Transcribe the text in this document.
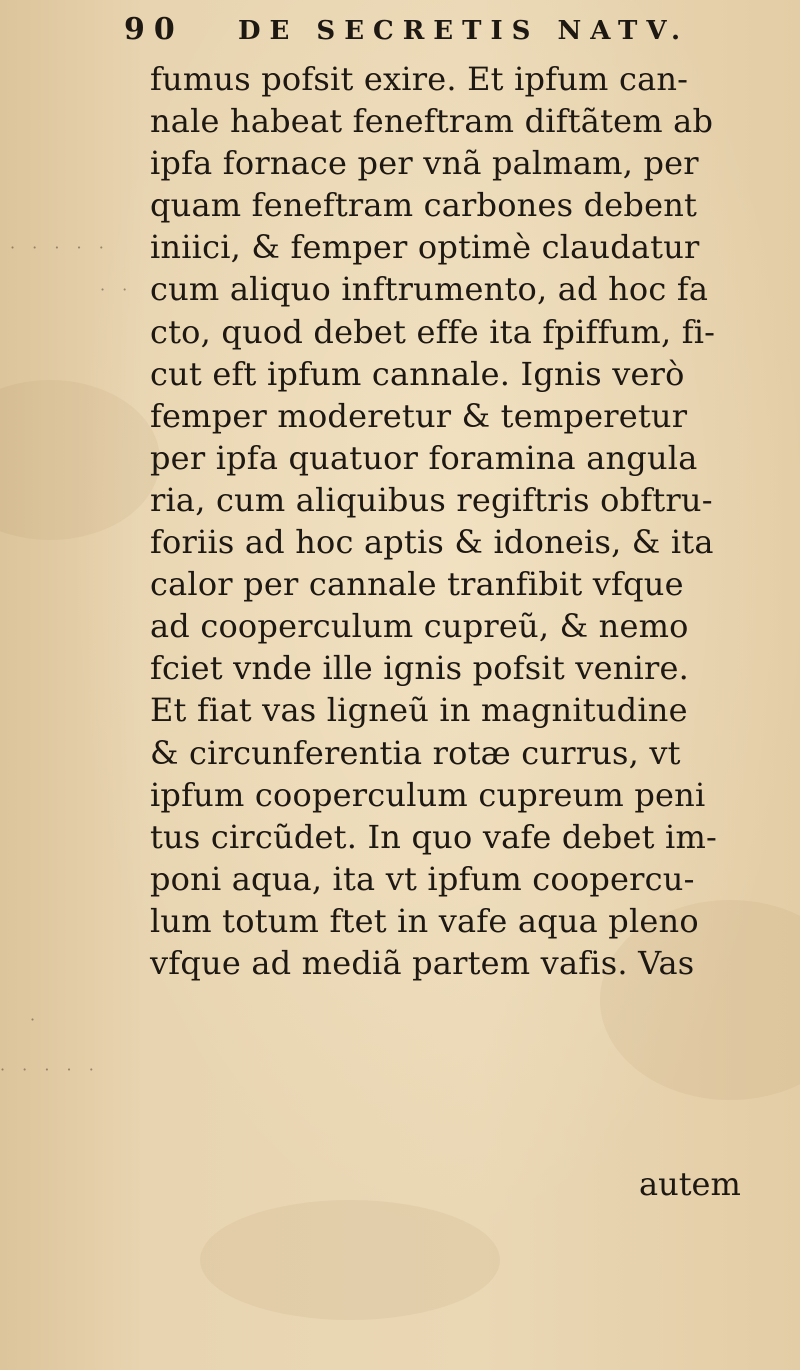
· · · · ·
· ·
· · · · ·
·
90 DE SECRETIS NATV.
fumus pofsit exire. Et ipfum can-
nale habeat feneftram diftãtem ab
ipfa fornace per vnã palmam, per
quam feneftram carbones debent
iniici, & femper optimè claudatur
cum aliquo inftrumento, ad hoc fa
cto, quod debet effe ita fpiffum, fi-
cut eft ipfum cannale. Ignis verò
femper moderetur & temperetur
per ipfa quatuor foramina angula
ria, cum aliquibus regiftris obftru-
foriis ad hoc aptis & idoneis, & ita
calor per cannale tranfibit vfque
ad cooperculum cupreũ, & nemo
fciet vnde ille ignis pofsit venire.
Et fiat vas ligneũ in magnitudine
& circunferentia rotæ currus, vt
ipfum cooperculum cupreum peni
tus circũdet. In quo vafe debet im-
poni aqua, ita vt ipfum coopercu-
lum totum ftet in vafe aqua pleno
vfque ad mediã partem vafis. Vas
autem
